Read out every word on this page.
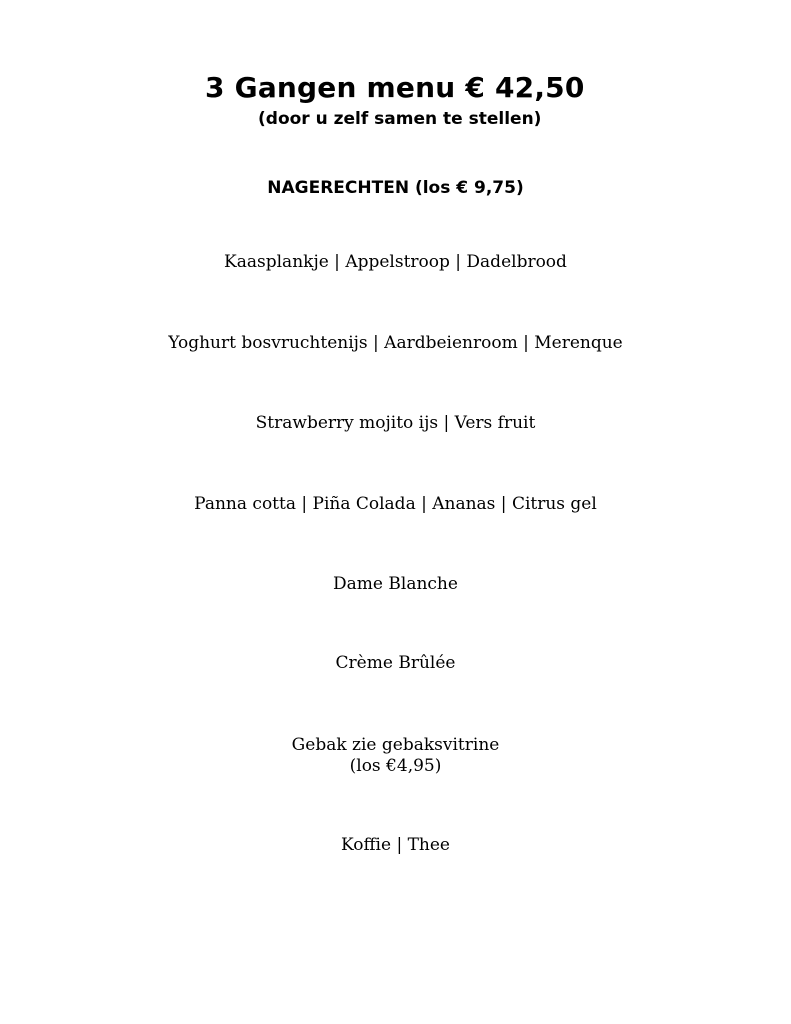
3 Gangen menu € 42,50
(door u zelf samen te stellen)
NAGERECHTEN (los € 9,75)
Kaasplankje | Appelstroop | Dadelbrood
Yoghurt bosvruchtenijs | Aardbeienroom | Merenque
Strawberry mojito ijs | Vers fruit
Panna cotta | Piña Colada | Ananas | Citrus gel
Dame Blanche
Crème Brûlée
Gebak zie gebaksvitrine
(los €4,95)
Koffie | Thee
